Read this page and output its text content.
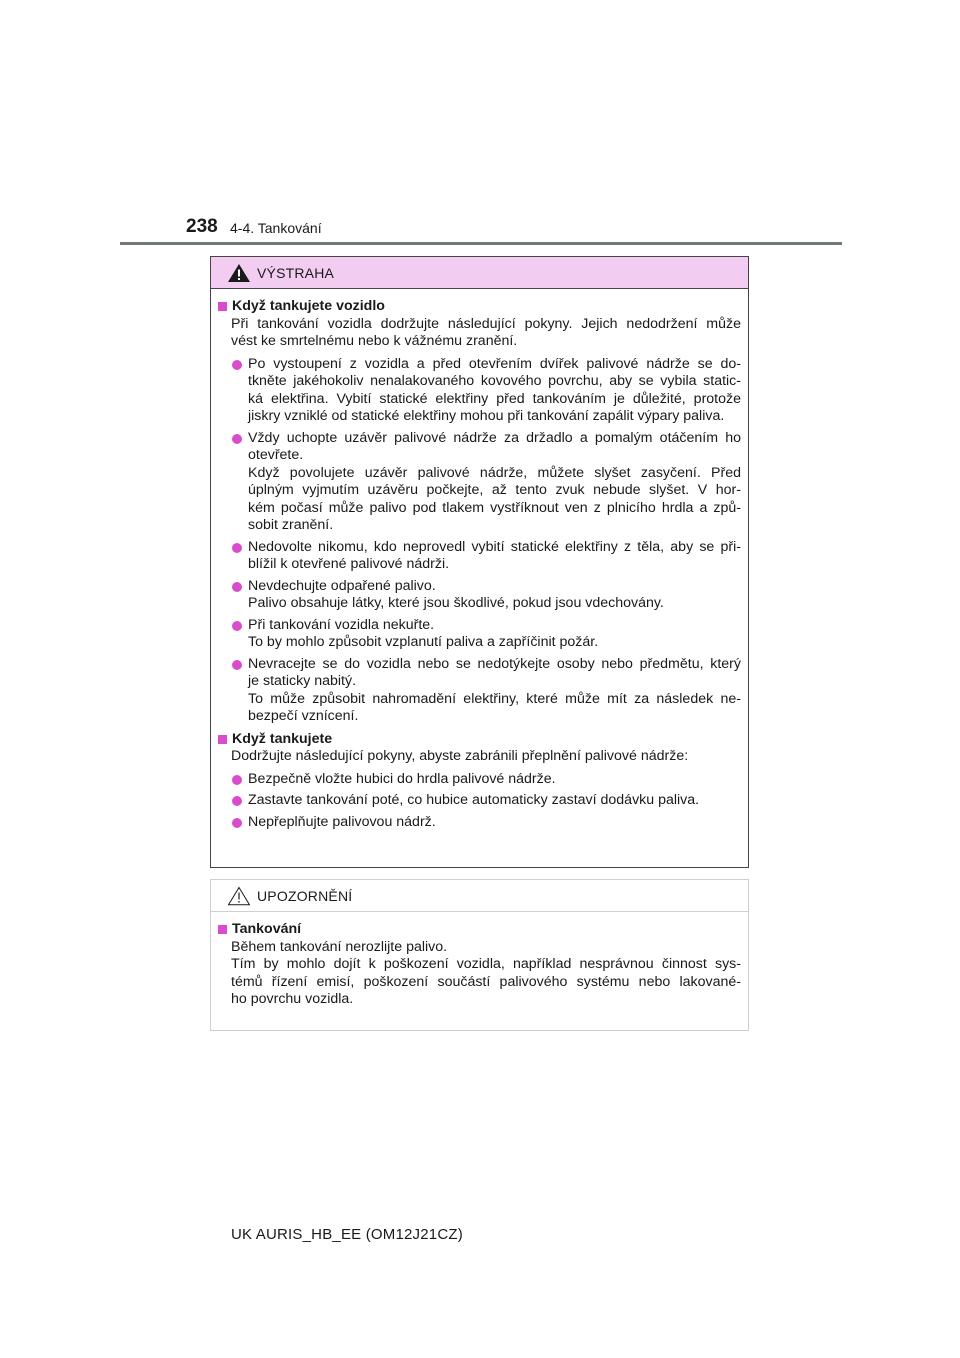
238 4-4. Tankování
VÝSTRAHA
Když tankujete vozidlo
Při tankování vozidla dodržujte následující pokyny. Jejich nedodržení může
vést ke smrtelnému nebo k vážnému zranění.
Po vystoupení z vozidla a před otevřením dvířek palivové nádrže se do-
tkněte jakéhokoliv nenalakovaného kovového povrchu, aby se vybila static-
ká elektřina. Vybití statické elektřiny před tankováním je důležité, protože
jiskry vzniklé od statické elektřiny mohou při tankování zapálit výpary paliva.
Vždy uchopte uzávěr palivové nádrže za držadlo a pomalým otáčením ho
otevřete.
Když povolujete uzávěr palivové nádrže, můžete slyšet zasyčení. Před
úplným vyjmutím uzávěru počkejte, až tento zvuk nebude slyšet. V hor-
kém počasí může palivo pod tlakem vystříknout ven z plnicího hrdla a způ-
sobit zranění.
Nedovolte nikomu, kdo neprovedl vybití statické elektřiny z těla, aby se při-
blížil k otevřené palivové nádrži.
Nevdechujte odpařené palivo.
Palivo obsahuje látky, které jsou škodlivé, pokud jsou vdechovány.
Při tankování vozidla nekuřte.
To by mohlo způsobit vzplanutí paliva a zapříčinit požár.
Nevracejte se do vozidla nebo se nedotýkejte osoby nebo předmětu, který
je staticky nabitý.
To může způsobit nahromadění elektřiny, které může mít za následek ne-
bezpečí vznícení.
Když tankujete
Dodržujte následující pokyny, abyste zabránili přeplnění palivové nádrže:
Bezpečně vložte hubici do hrdla palivové nádrže.
Zastavte tankování poté, co hubice automaticky zastaví dodávku paliva.
Nepřeplňujte palivovou nádrž.
UPOZORNĚNÍ
Tankování
Během tankování nerozlijte palivo.
Tím by mohlo dojít k poškození vozidla, například nesprávnou činnost sys-
témů řízení emisí, poškození součástí palivového systému nebo lakované-
ho povrchu vozidla.
UK AURIS_HB_EE (OM12J21CZ)
